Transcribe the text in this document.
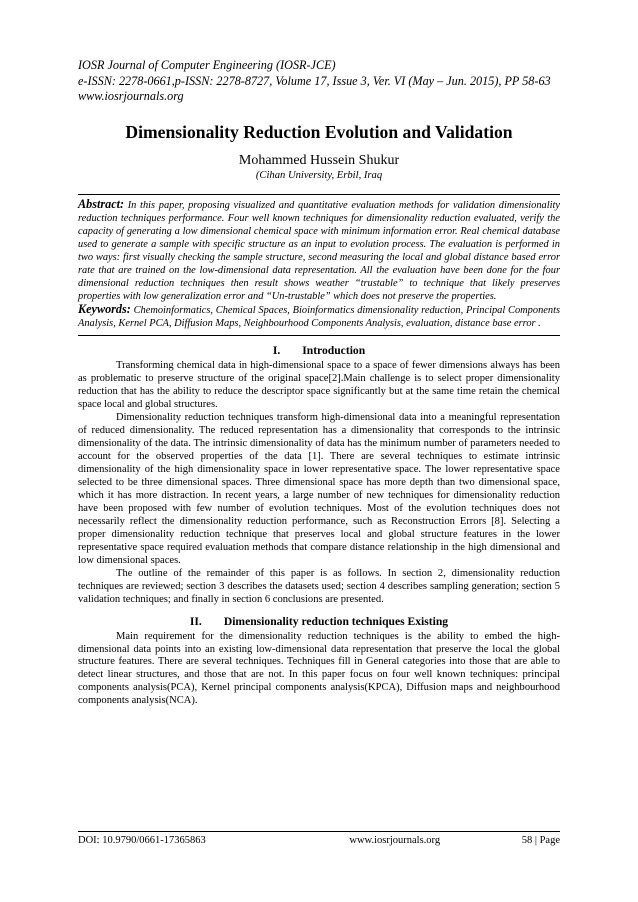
IOSR Journal of Computer Engineering (IOSR-JCE)

e-ISSN: 2278-0661,p-ISSN: 2278-8727, Volume 17, Issue 3, Ver. VI (May – Jun. 2015), PP 58-63

www.iosrjournals.org

Dimensionality Reduction Evolution and Validation

Mohammed Hussein Shukur

(Cihan University, Erbil, Iraq

Abstract: In this paper, proposing visualized and quantitative evaluation methods for validation dimensionality reduction techniques performance. Four well known techniques for dimensionality reduction evaluated, verify the capacity of generating a low dimensional chemical space with minimum information error. Real chemical database used to generate a sample with specific structure as an input to evolution process. The evaluation is performed in two ways: first visually checking the sample structure, second measuring the local and global distance based error rate that are trained on the low-dimensional data representation. All the evaluation have been done for the four dimensional reduction techniques then result shows weather “trustable” to technique that likely preserves properties with low generalization error and “Un-trustable” which does not preserve the properties.

Keywords: Chemoinformatics, Chemical Spaces, Bioinformatics dimensionality reduction, Principal Components Analysis, Kernel PCA, Diffusion Maps, Neighbourhood Components Analysis, evaluation, distance base error .

I. Introduction

Transforming chemical data in high-dimensional space to a space of fewer dimensions always has been as problematic to preserve structure of the original space[2].Main challenge is to select proper dimensionality reduction that has the ability to reduce the descriptor space significantly but at the same time retain the chemical space local and global structures.

Dimensionality reduction techniques transform high-dimensional data into a meaningful representation of reduced dimensionality. The reduced representation has a dimensionality that corresponds to the intrinsic dimensionality of the data. The intrinsic dimensionality of data has the minimum number of parameters needed to account for the observed properties of the data [1]. There are several techniques to estimate intrinsic dimensionality of the high dimensionality space in lower representative space. The lower representative space selected to be three dimensional spaces. Three dimensional space has more depth than two dimensional space, which it has more distraction. In recent years, a large number of new techniques for dimensionality reduction have been proposed with few number of evolution techniques. Most of the evolution techniques does not necessarily reflect the dimensionality reduction performance, such as Reconstruction Errors [8]. Selecting a proper dimensionality reduction technique that preserves local and global structure features in the lower representative space required evaluation methods that compare distance relationship in the high dimensional and low dimensional spaces.

The outline of the remainder of this paper is as follows. In section 2, dimensionality reduction techniques are reviewed; section 3 describes the datasets used; section 4 describes sampling generation; section 5 validation techniques; and finally in section 6 conclusions are presented.

II. Dimensionality reduction techniques Existing

Main requirement for the dimensionality reduction techniques is the ability to embed the high-dimensional data points into an existing low-dimensional data representation that preserve the local the global structure features. There are several techniques. Techniques fill in General categories into those that are able to detect linear structures, and those that are not. In this paper focus on four well known techniques: principal components analysis(PCA), Kernel principal components analysis(KPCA), Diffusion maps and neighbourhood components analysis(NCA).

DOI: 10.9790/0661-17365863	www.iosrjournals.org	58 | Page
